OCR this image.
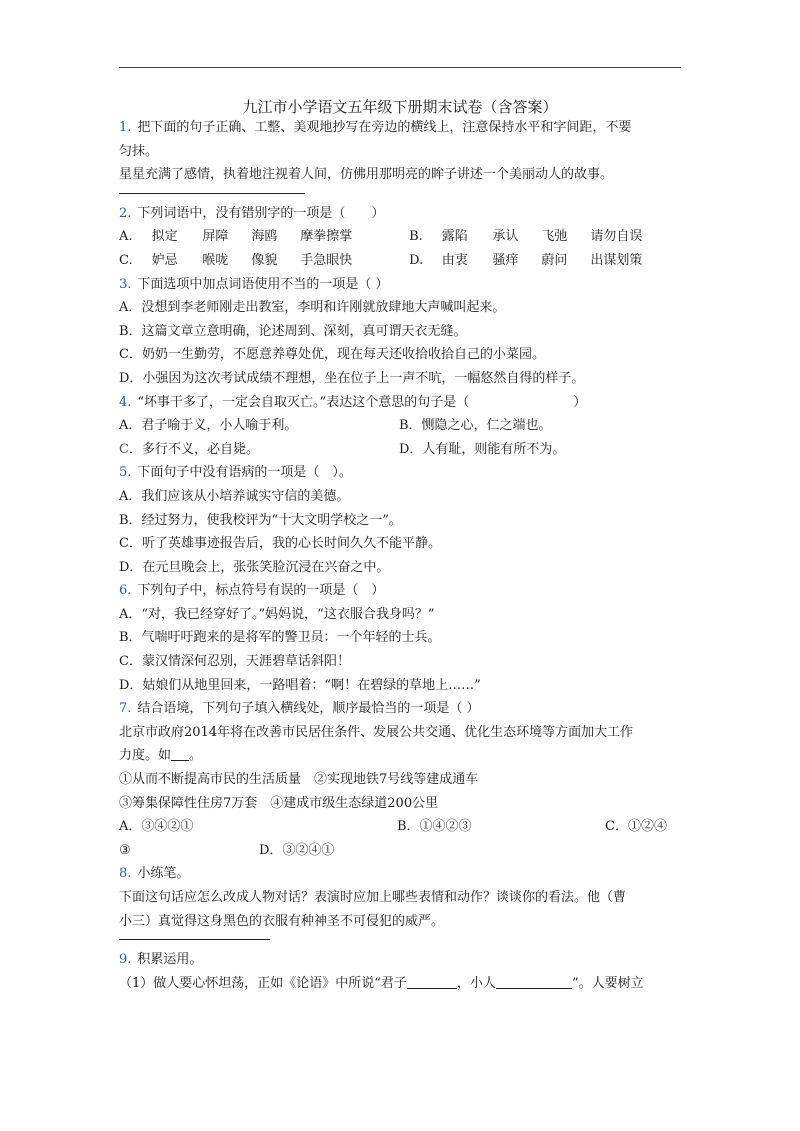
九江市小学语文五年级下册期末试卷（含答案）
1. 把下面的句子正确、工整、美观地抄写在旁边的横线上，注意保持水平和字间距，不要
匀抹。
星星充满了感情，执着地注视着人间，仿佛用那明亮的眸子讲述一个美丽动人的故事。
2. 下列词语中，没有错别字的一项是（　　）
A.	拟定	屏障	海鸥	摩拳擦掌	B.	露陷	承认	飞弛	请勿自误
C.	妒忌	喉咙	像貌	手急眼快	D.	由衷	骚痒	蔚问	出谋划策
3. 下面选项中加点词语使用不当的一项是（ ）
A．没想到李老师刚走出教室，李明和许刚就放肆地大声喊叫起来。
B．这篇文章立意明确，论述周到、深刻，真可谓天衣无缝。
C．奶奶一生勤劳，不愿意养尊处优，现在每天还收拾收拾自己的小菜园。
D．小强因为这次考试成绩不理想，坐在位子上一声不吭，一幅悠然自得的样子。
4. “坏事干多了，一定会自取灭亡。”表达这个意思的句子是（　　　　　　　　）
A．君子喻于义，小人喻于利。	B．恻隐之心，仁之端也。
C．多行不义，必自毙。	D．人有耻，则能有所不为。
5. 下面句子中没有语病的一项是（　）。
A．我们应该从小培养诚实守信的美德。
B．经过努力，使我校评为“十大文明学校之一”。
C．听了英雄事迹报告后，我的心长时间久久不能平静。
D．在元旦晚会上，张张笑脸沉浸在兴奋之中。
6. 下列句子中，标点符号有误的一项是（　）
A．“对，我已经穿好了。”妈妈说，“这衣服合我身吗？”
B．气喘吁吁跑来的是将军的警卫员：一个年轻的士兵。
C．蒙汉情深何忍别，天涯碧草话斜阳！
D．姑娘们从地里回来，一路唱着：“啊！在碧绿的草地上……”
7. 结合语境，下列句子填入横线处，顺序最恰当的一项是（ ）
北京市政府2014年将在改善市民居住条件、发展公共交通、优化生态环境等方面加大工作
力度。如 。
①从而不断提高市民的生活质量　②实现地铁7号线等建成通车
③筹集保障性住房7万套　④建成市级生态绿道200公里
A．③④②①	B．①④②③	C．①②④
③	D．③②④①
8. 小练笔。
下面这句话应怎么改成人物对话？表演时应加上哪些表情和动作？谈谈你的看法。他（曹
小三）真觉得这身黑色的衣服有种神圣不可侵犯的威严。
9. 积累运用。
（1）做人要心怀坦荡，正如《论语》中所说“君子	，小人	”。人要树立
